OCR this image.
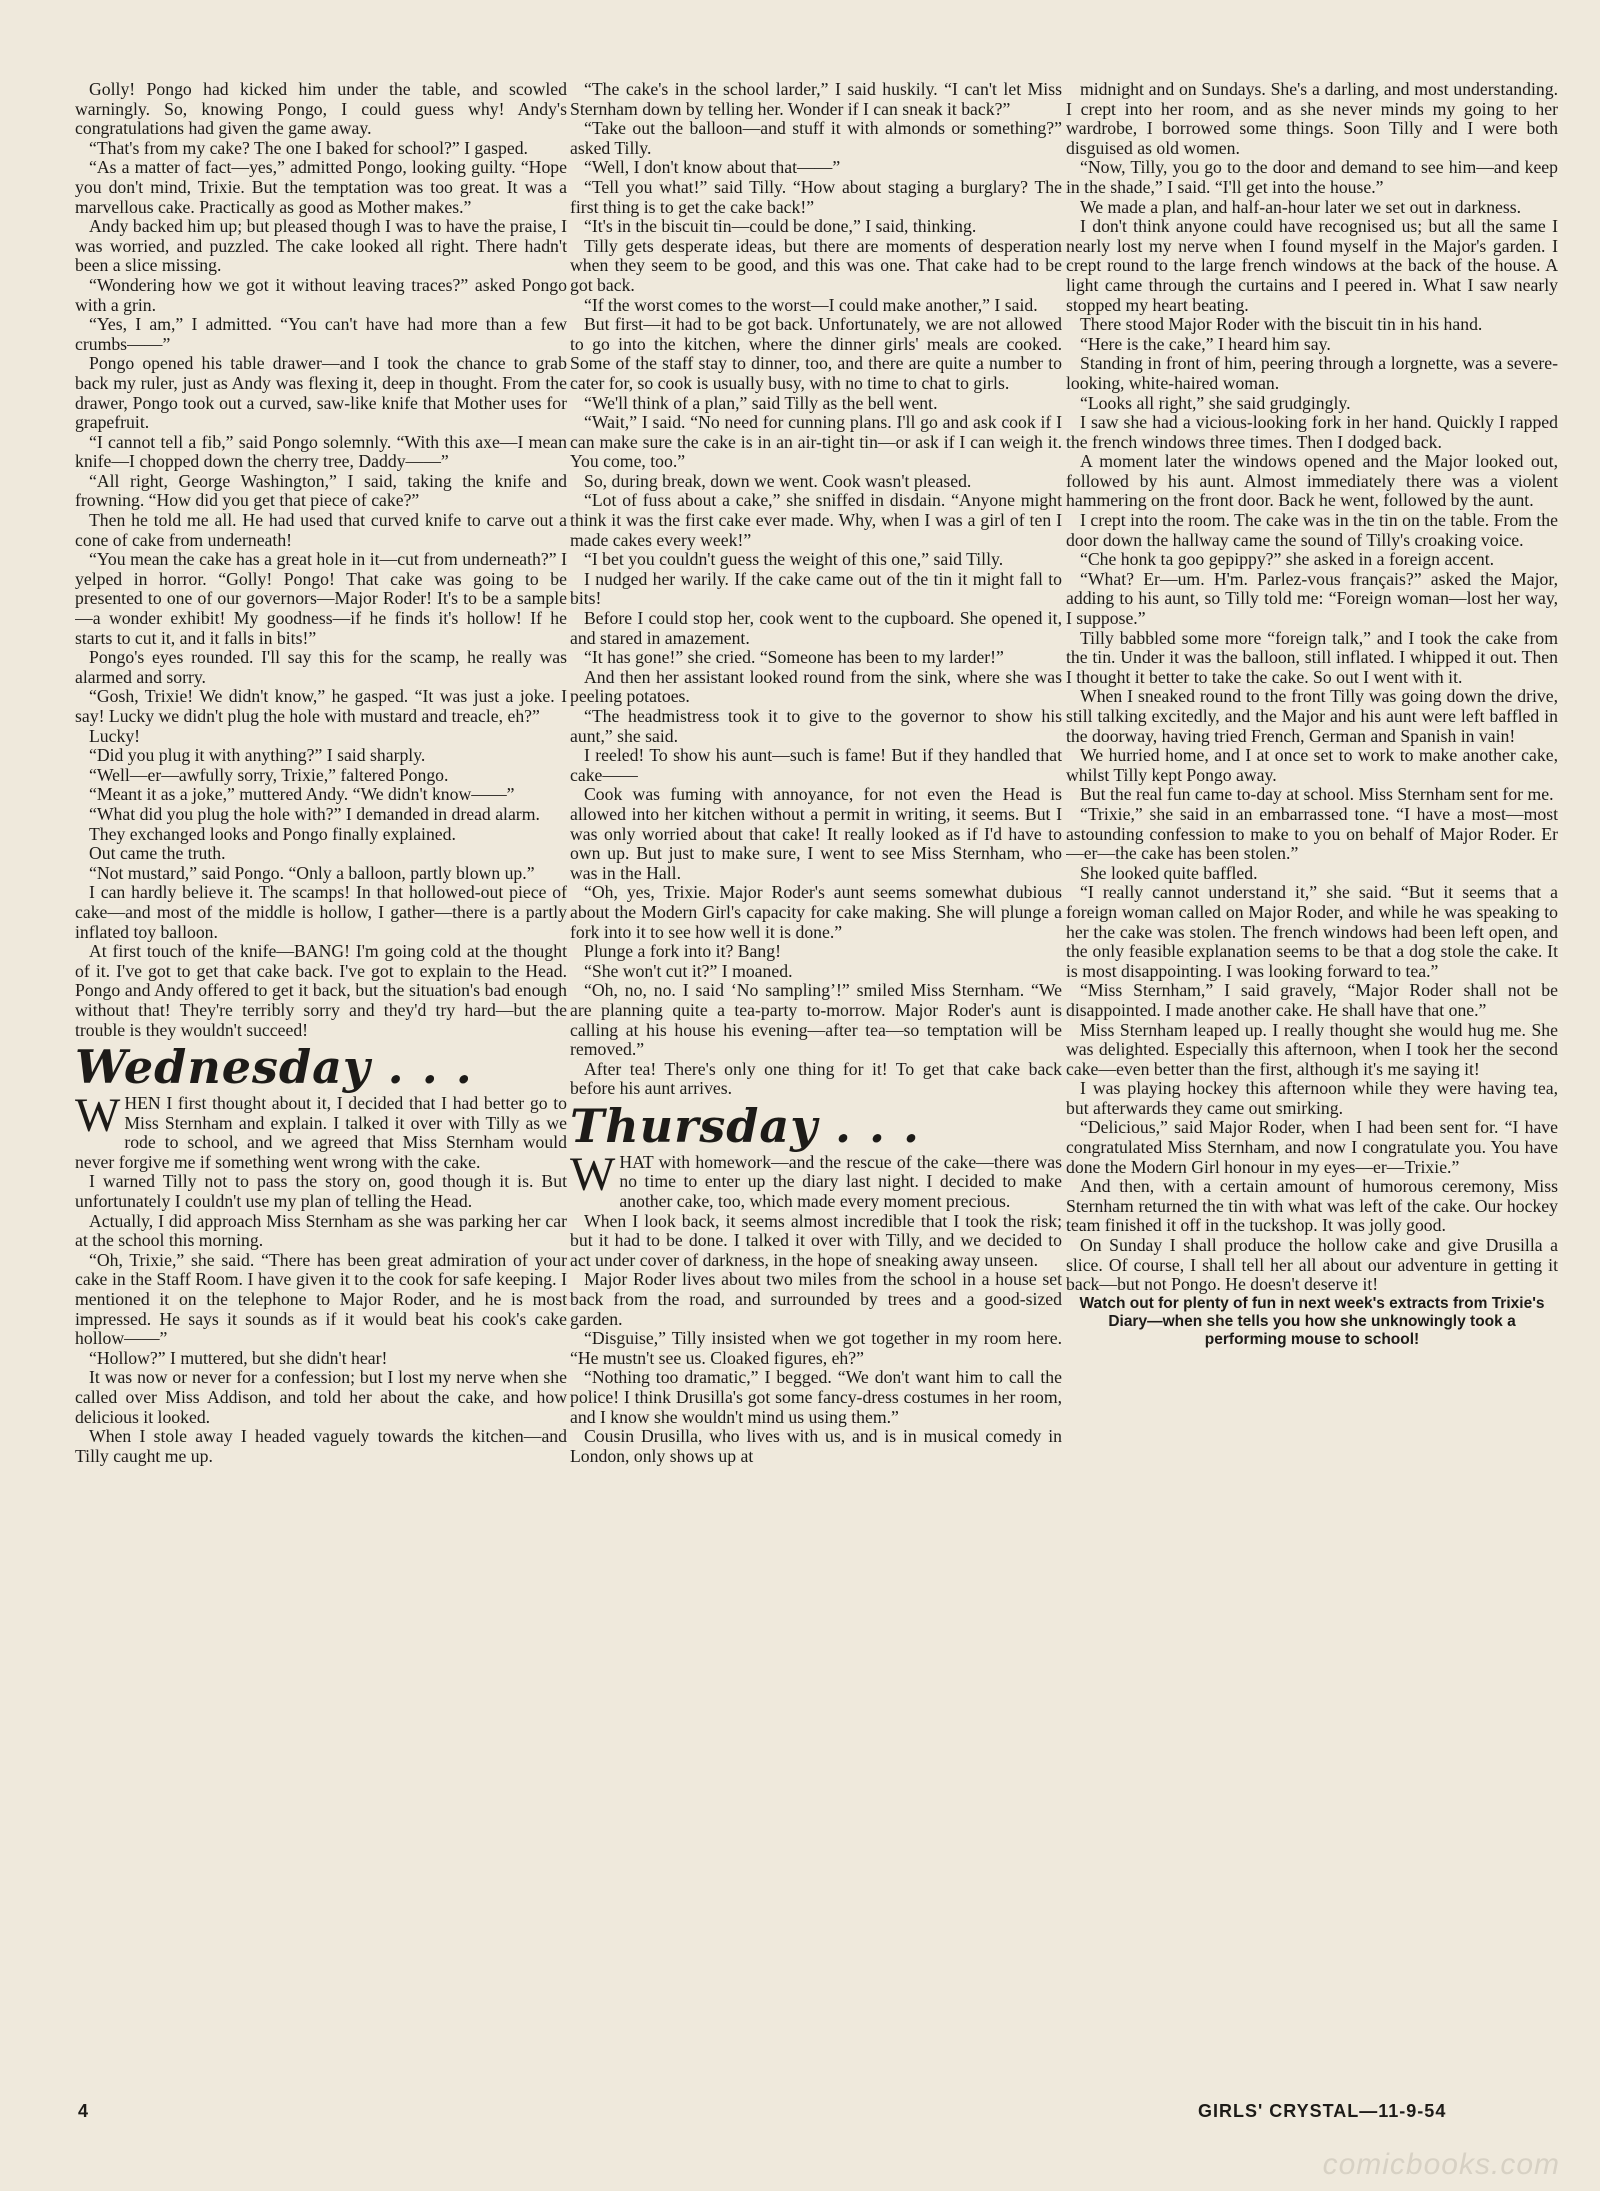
Golly! Pongo had kicked him under the table, and scowled warningly. So, knowing Pongo, I could guess why! Andy's congratulations had given the game away.

“That's from my cake? The one I baked for school?” I gasped.

“As a matter of fact—yes,” admitted Pongo, looking guilty. “Hope you don't mind, Trixie. But the temptation was too great. It was a marvellous cake. Practically as good as Mother makes.”

Andy backed him up; but pleased though I was to have the praise, I was worried, and puzzled. The cake looked all right. There hadn't been a slice missing.

“Wondering how we got it without leaving traces?” asked Pongo with a grin.

“Yes, I am,” I admitted. “You can't have had more than a few crumbs——”

Pongo opened his table drawer—and I took the chance to grab back my ruler, just as Andy was flexing it, deep in thought. From the drawer, Pongo took out a curved, saw-like knife that Mother uses for grapefruit.

“I cannot tell a fib,” said Pongo solemnly. “With this axe—I mean knife—I chopped down the cherry tree, Daddy——”

“All right, George Washington,” I said, taking the knife and frowning. “How did you get that piece of cake?”

Then he told me all. He had used that curved knife to carve out a cone of cake from underneath!

“You mean the cake has a great hole in it—cut from underneath?” I yelped in horror. “Golly! Pongo! That cake was going to be presented to one of our governors—Major Roder! It's to be a sample—a wonder exhibit! My goodness—if he finds it's hollow! If he starts to cut it, and it falls in bits!”

Pongo's eyes rounded. I'll say this for the scamp, he really was alarmed and sorry.

“Gosh, Trixie! We didn't know,” he gasped. “It was just a joke. I say! Lucky we didn't plug the hole with mustard and treacle, eh?”

Lucky!

“Did you plug it with anything?” I said sharply.

“Well—er—awfully sorry, Trixie,” faltered Pongo.

“Meant it as a joke,” muttered Andy. “We didn't know——”

“What did you plug the hole with?” I demanded in dread alarm.

They exchanged looks and Pongo finally explained.

Out came the truth.

“Not mustard,” said Pongo. “Only a balloon, partly blown up.”

I can hardly believe it. The scamps! In that hollowed-out piece of cake—and most of the middle is hollow, I gather—there is a partly inflated toy balloon.

At first touch of the knife—BANG! I'm going cold at the thought of it. I've got to get that cake back. I've got to explain to the Head. Pongo and Andy offered to get it back, but the situation's bad enough without that! They're terribly sorry and they'd try hard—but the trouble is they wouldn't succeed!

Wednesday . . .

WHEN I first thought about it, I decided that I had better go to Miss Sternham and explain. I talked it over with Tilly as we rode to school, and we agreed that Miss Sternham would never forgive me if something went wrong with the cake.

I warned Tilly not to pass the story on, good though it is. But unfortunately I couldn't use my plan of telling the Head.

Actually, I did approach Miss Sternham as she was parking her car at the school this morning.

“Oh, Trixie,” she said. “There has been great admiration of your cake in the Staff Room. I have given it to the cook for safe keeping. I mentioned it on the telephone to Major Roder, and he is most impressed. He says it sounds as if it would beat his cook's cake hollow——”

“Hollow?” I muttered, but she didn't hear!

It was now or never for a confession; but I lost my nerve when she called over Miss Addison, and told her about the cake, and how delicious it looked.

When I stole away I headed vaguely towards the kitchen—and Tilly caught me up.

“The cake's in the school larder,” I said huskily. “I can't let Miss Sternham down by telling her. Wonder if I can sneak it back?”

“Take out the balloon—and stuff it with almonds or something?” asked Tilly.

“Well, I don't know about that——”

“Tell you what!” said Tilly. “How about staging a burglary? The first thing is to get the cake back!”

“It's in the biscuit tin—could be done,” I said, thinking.

Tilly gets desperate ideas, but there are moments of desperation when they seem to be good, and this was one. That cake had to be got back.

“If the worst comes to the worst—I could make another,” I said.

But first—it had to be got back. Unfortunately, we are not allowed to go into the kitchen, where the dinner girls' meals are cooked. Some of the staff stay to dinner, too, and there are quite a number to cater for, so cook is usually busy, with no time to chat to girls.

“We'll think of a plan,” said Tilly as the bell went.

“Wait,” I said. “No need for cunning plans. I'll go and ask cook if I can make sure the cake is in an air-tight tin—or ask if I can weigh it. You come, too.”

So, during break, down we went. Cook wasn't pleased.

“Lot of fuss about a cake,” she sniffed in disdain. “Anyone might think it was the first cake ever made. Why, when I was a girl of ten I made cakes every week!”

“I bet you couldn't guess the weight of this one,” said Tilly.

I nudged her warily. If the cake came out of the tin it might fall to bits!

Before I could stop her, cook went to the cupboard. She opened it, and stared in amazement.

“It has gone!” she cried. “Someone has been to my larder!”

And then her assistant looked round from the sink, where she was peeling potatoes.

“The headmistress took it to give to the governor to show his aunt,” she said.

I reeled! To show his aunt—such is fame! But if they handled that cake——

Cook was fuming with annoyance, for not even the Head is allowed into her kitchen without a permit in writing, it seems. But I was only worried about that cake! It really looked as if I'd have to own up. But just to make sure, I went to see Miss Sternham, who was in the Hall.

“Oh, yes, Trixie. Major Roder's aunt seems somewhat dubious about the Modern Girl's capacity for cake making. She will plunge a fork into it to see how well it is done.”

Plunge a fork into it? Bang!

“She won't cut it?” I moaned.

“Oh, no, no. I said ‘No sampling’!” smiled Miss Sternham. “We are planning quite a tea-party to-morrow. Major Roder's aunt is calling at his house his evening—after tea—so temptation will be removed.”

After tea! There's only one thing for it! To get that cake back before his aunt arrives.

Thursday . . .

WHAT with homework—and the rescue of the cake—there was no time to enter up the diary last night. I decided to make another cake, too, which made every moment precious.

When I look back, it seems almost incredible that I took the risk; but it had to be done. I talked it over with Tilly, and we decided to act under cover of darkness, in the hope of sneaking away unseen.

Major Roder lives about two miles from the school in a house set back from the road, and surrounded by trees and a good-sized garden.

“Disguise,” Tilly insisted when we got together in my room here. “He mustn't see us. Cloaked figures, eh?”

“Nothing too dramatic,” I begged. “We don't want him to call the police! I think Drusilla's got some fancy-dress costumes in her room, and I know she wouldn't mind us using them.”

Cousin Drusilla, who lives with us, and is in musical comedy in London, only shows up at

midnight and on Sundays. She's a darling, and most understanding. I crept into her room, and as she never minds my going to her wardrobe, I borrowed some things. Soon Tilly and I were both disguised as old women.

“Now, Tilly, you go to the door and demand to see him—and keep in the shade,” I said. “I'll get into the house.”

We made a plan, and half-an-hour later we set out in darkness.

I don't think anyone could have recognised us; but all the same I nearly lost my nerve when I found myself in the Major's garden. I crept round to the large french windows at the back of the house. A light came through the curtains and I peered in. What I saw nearly stopped my heart beating.

There stood Major Roder with the biscuit tin in his hand.

“Here is the cake,” I heard him say.

Standing in front of him, peering through a lorgnette, was a severe-looking, white-haired woman.

“Looks all right,” she said grudgingly.

I saw she had a vicious-looking fork in her hand. Quickly I rapped the french windows three times. Then I dodged back.

A moment later the windows opened and the Major looked out, followed by his aunt. Almost immediately there was a violent hammering on the front door. Back he went, followed by the aunt.

I crept into the room. The cake was in the tin on the table. From the door down the hallway came the sound of Tilly's croaking voice.

“Che honk ta goo gepippy?” she asked in a foreign accent.

“What? Er—um. H'm. Parlez-vous français?” asked the Major, adding to his aunt, so Tilly told me: “Foreign woman—lost her way, I suppose.”

Tilly babbled some more “foreign talk,” and I took the cake from the tin. Under it was the balloon, still inflated. I whipped it out. Then I thought it better to take the cake. So out I went with it.

When I sneaked round to the front Tilly was going down the drive, still talking excitedly, and the Major and his aunt were left baffled in the doorway, having tried French, German and Spanish in vain!

We hurried home, and I at once set to work to make another cake, whilst Tilly kept Pongo away.

But the real fun came to-day at school. Miss Sternham sent for me.

“Trixie,” she said in an embarrassed tone. “I have a most—most astounding confession to make to you on behalf of Major Roder. Er—er—the cake has been stolen.”

She looked quite baffled.

“I really cannot understand it,” she said. “But it seems that a foreign woman called on Major Roder, and while he was speaking to her the cake was stolen. The french windows had been left open, and the only feasible explanation seems to be that a dog stole the cake. It is most disappointing. I was looking forward to tea.”

“Miss Sternham,” I said gravely, “Major Roder shall not be disappointed. I made another cake. He shall have that one.”

Miss Sternham leaped up. I really thought she would hug me. She was delighted. Especially this afternoon, when I took her the second cake—even better than the first, although it's me saying it!

I was playing hockey this afternoon while they were having tea, but afterwards they came out smirking.

“Delicious,” said Major Roder, when I had been sent for. “I have congratulated Miss Sternham, and now I congratulate you. You have done the Modern Girl honour in my eyes—er—Trixie.”

And then, with a certain amount of humorous ceremony, Miss Sternham returned the tin with what was left of the cake. Our hockey team finished it off in the tuckshop. It was jolly good.

On Sunday I shall produce the hollow cake and give Drusilla a slice. Of course, I shall tell her all about our adventure in getting it back—but not Pongo. He doesn't deserve it!

Watch out for plenty of fun in next week's extracts from Trixie's Diary—when she tells you how she unknowingly took a performing mouse to school!

4	GIRLS' CRYSTAL—11-9-54
comicbooks.com
